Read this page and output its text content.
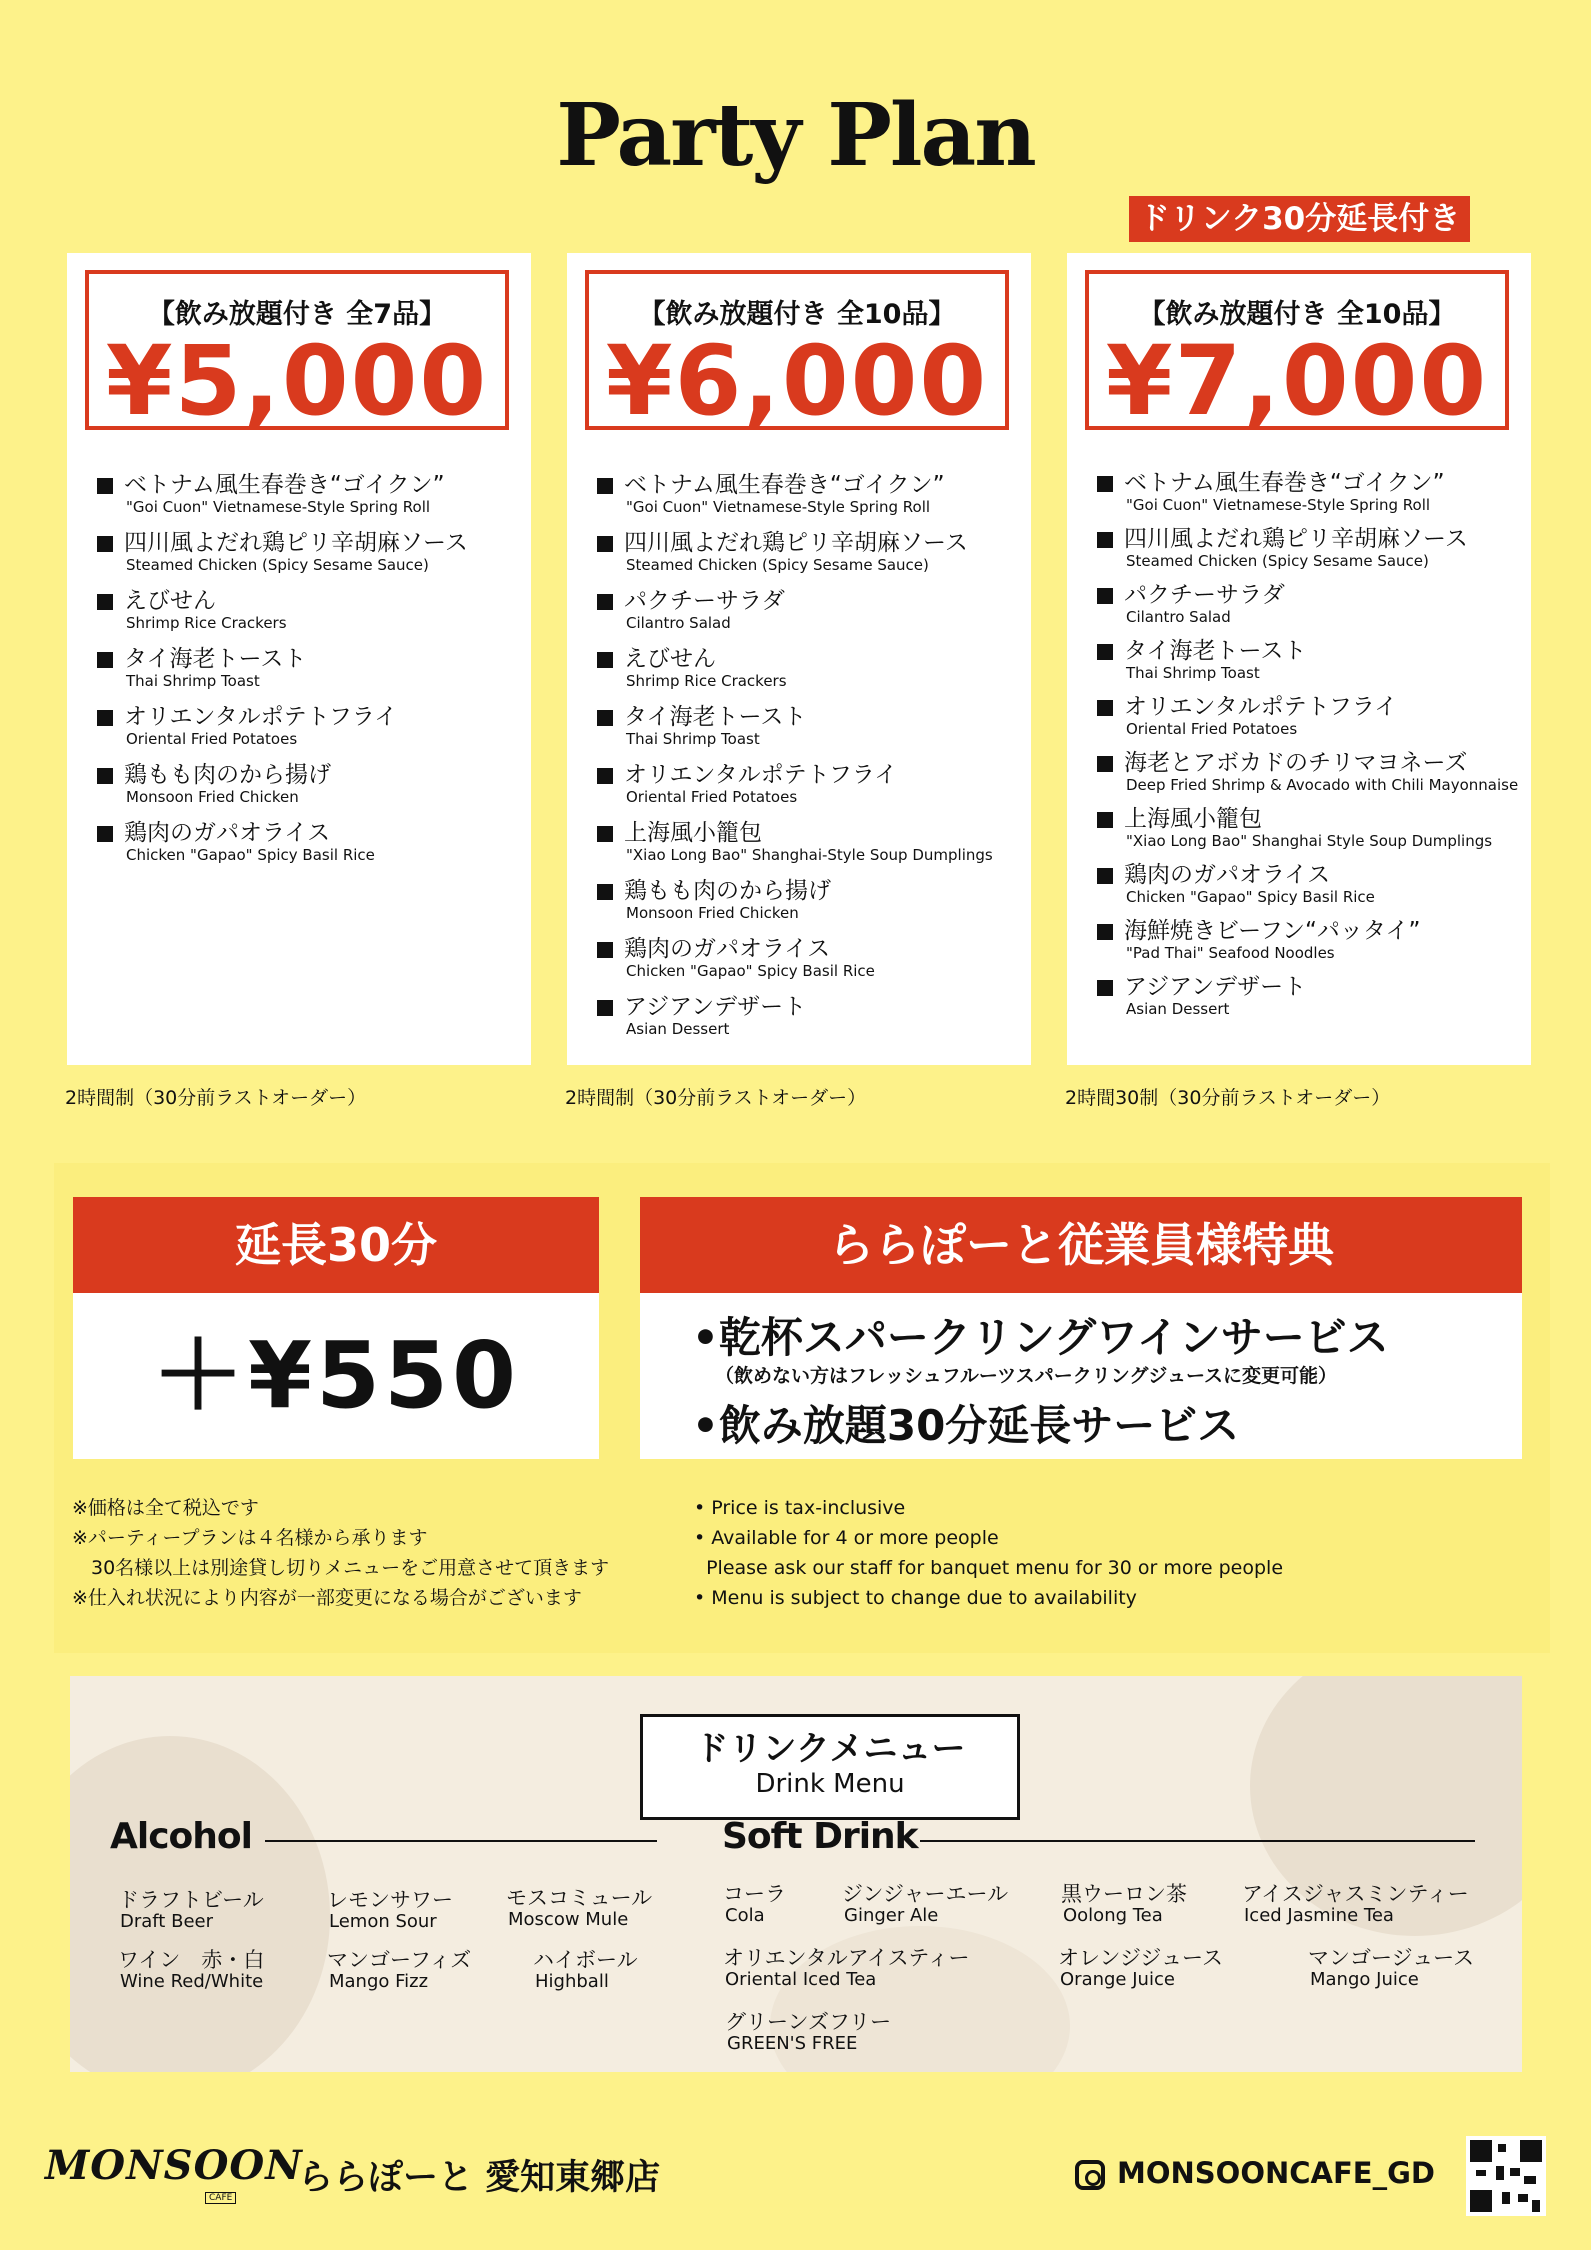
Party Plan
ドリンク30分延長付き
【飲み放題付き 全7品】
¥5,000
ベトナム風生春巻き“ゴイクン”
"Goi Cuon" Vietnamese-Style Spring Roll
四川風よだれ鶏ピリ辛胡麻ソース
Steamed Chicken (Spicy Sesame Sauce)
えびせん
Shrimp Rice Crackers
タイ海老トースト
Thai Shrimp Toast
オリエンタルポテトフライ
Oriental Fried Potatoes
鶏もも肉のから揚げ
Monsoon Fried Chicken
鶏肉のガパオライス
Chicken "Gapao" Spicy Basil Rice
2時間制（30分前ラストオーダー）
【飲み放題付き 全10品】
¥6,000
ベトナム風生春巻き“ゴイクン”
"Goi Cuon" Vietnamese-Style Spring Roll
四川風よだれ鶏ピリ辛胡麻ソース
Steamed Chicken (Spicy Sesame Sauce)
パクチーサラダ
Cilantro Salad
えびせん
Shrimp Rice Crackers
タイ海老トースト
Thai Shrimp Toast
オリエンタルポテトフライ
Oriental Fried Potatoes
上海風小籠包
"Xiao Long Bao" Shanghai-Style Soup Dumplings
鶏もも肉のから揚げ
Monsoon Fried Chicken
鶏肉のガパオライス
Chicken "Gapao" Spicy Basil Rice
アジアンデザート
Asian Dessert
2時間制（30分前ラストオーダー）
【飲み放題付き 全10品】
¥7,000
ベトナム風生春巻き“ゴイクン”
"Goi Cuon" Vietnamese-Style Spring Roll
四川風よだれ鶏ピリ辛胡麻ソース
Steamed Chicken (Spicy Sesame Sauce)
パクチーサラダ
Cilantro Salad
タイ海老トースト
Thai Shrimp Toast
オリエンタルポテトフライ
Oriental Fried Potatoes
海老とアボカドのチリマヨネーズ
Deep Fried Shrimp & Avocado with Chili Mayonnaise
上海風小籠包
"Xiao Long Bao" Shanghai Style Soup Dumplings
鶏肉のガパオライス
Chicken "Gapao" Spicy Basil Rice
海鮮焼きビーフン“パッタイ”
"Pad Thai" Seafood Noodles
アジアンデザート
Asian Dessert
2時間30制（30分前ラストオーダー）
延長30分
＋¥550
ららぽーと従業員様特典
•乾杯スパークリングワインサービス
（飲めない方はフレッシュフルーツスパークリングジュースに変更可能）
•飲み放題30分延長サービス
※価格は全て税込です
※パーティープランは４名様から承ります
　30名様以上は別途貸し切りメニューをご用意させて頂きます
※仕入れ状況により内容が一部変更になる場合がございます
• Price is tax-inclusive
• Available for 4 or more people
Please ask our staff for banquet menu for 30 or more people
• Menu is subject to change due to availability
ドリンクメニュー
Drink Menu
Alcohol	Soft Drink
ドラフトビール
Draft Beer
レモンサワー
Lemon Sour
モスコミュール
Moscow Mule
ワイン　赤・白
Wine Red/White
マンゴーフィズ
Mango Fizz
ハイボール
Highball
コーラ
Cola
ジンジャーエール
Ginger Ale
黒ウーロン茶
Oolong Tea
アイスジャスミンティー
Iced Jasmine Tea
オリエンタルアイスティー
Oriental Iced Tea
オレンジジュース
Orange Juice
マンゴージュース
Mango Juice
グリーンズフリー
GREEN'S FREE
MONSOON
CAFE ららぽーと 愛知東郷店	MONSOONCAFE_GD
